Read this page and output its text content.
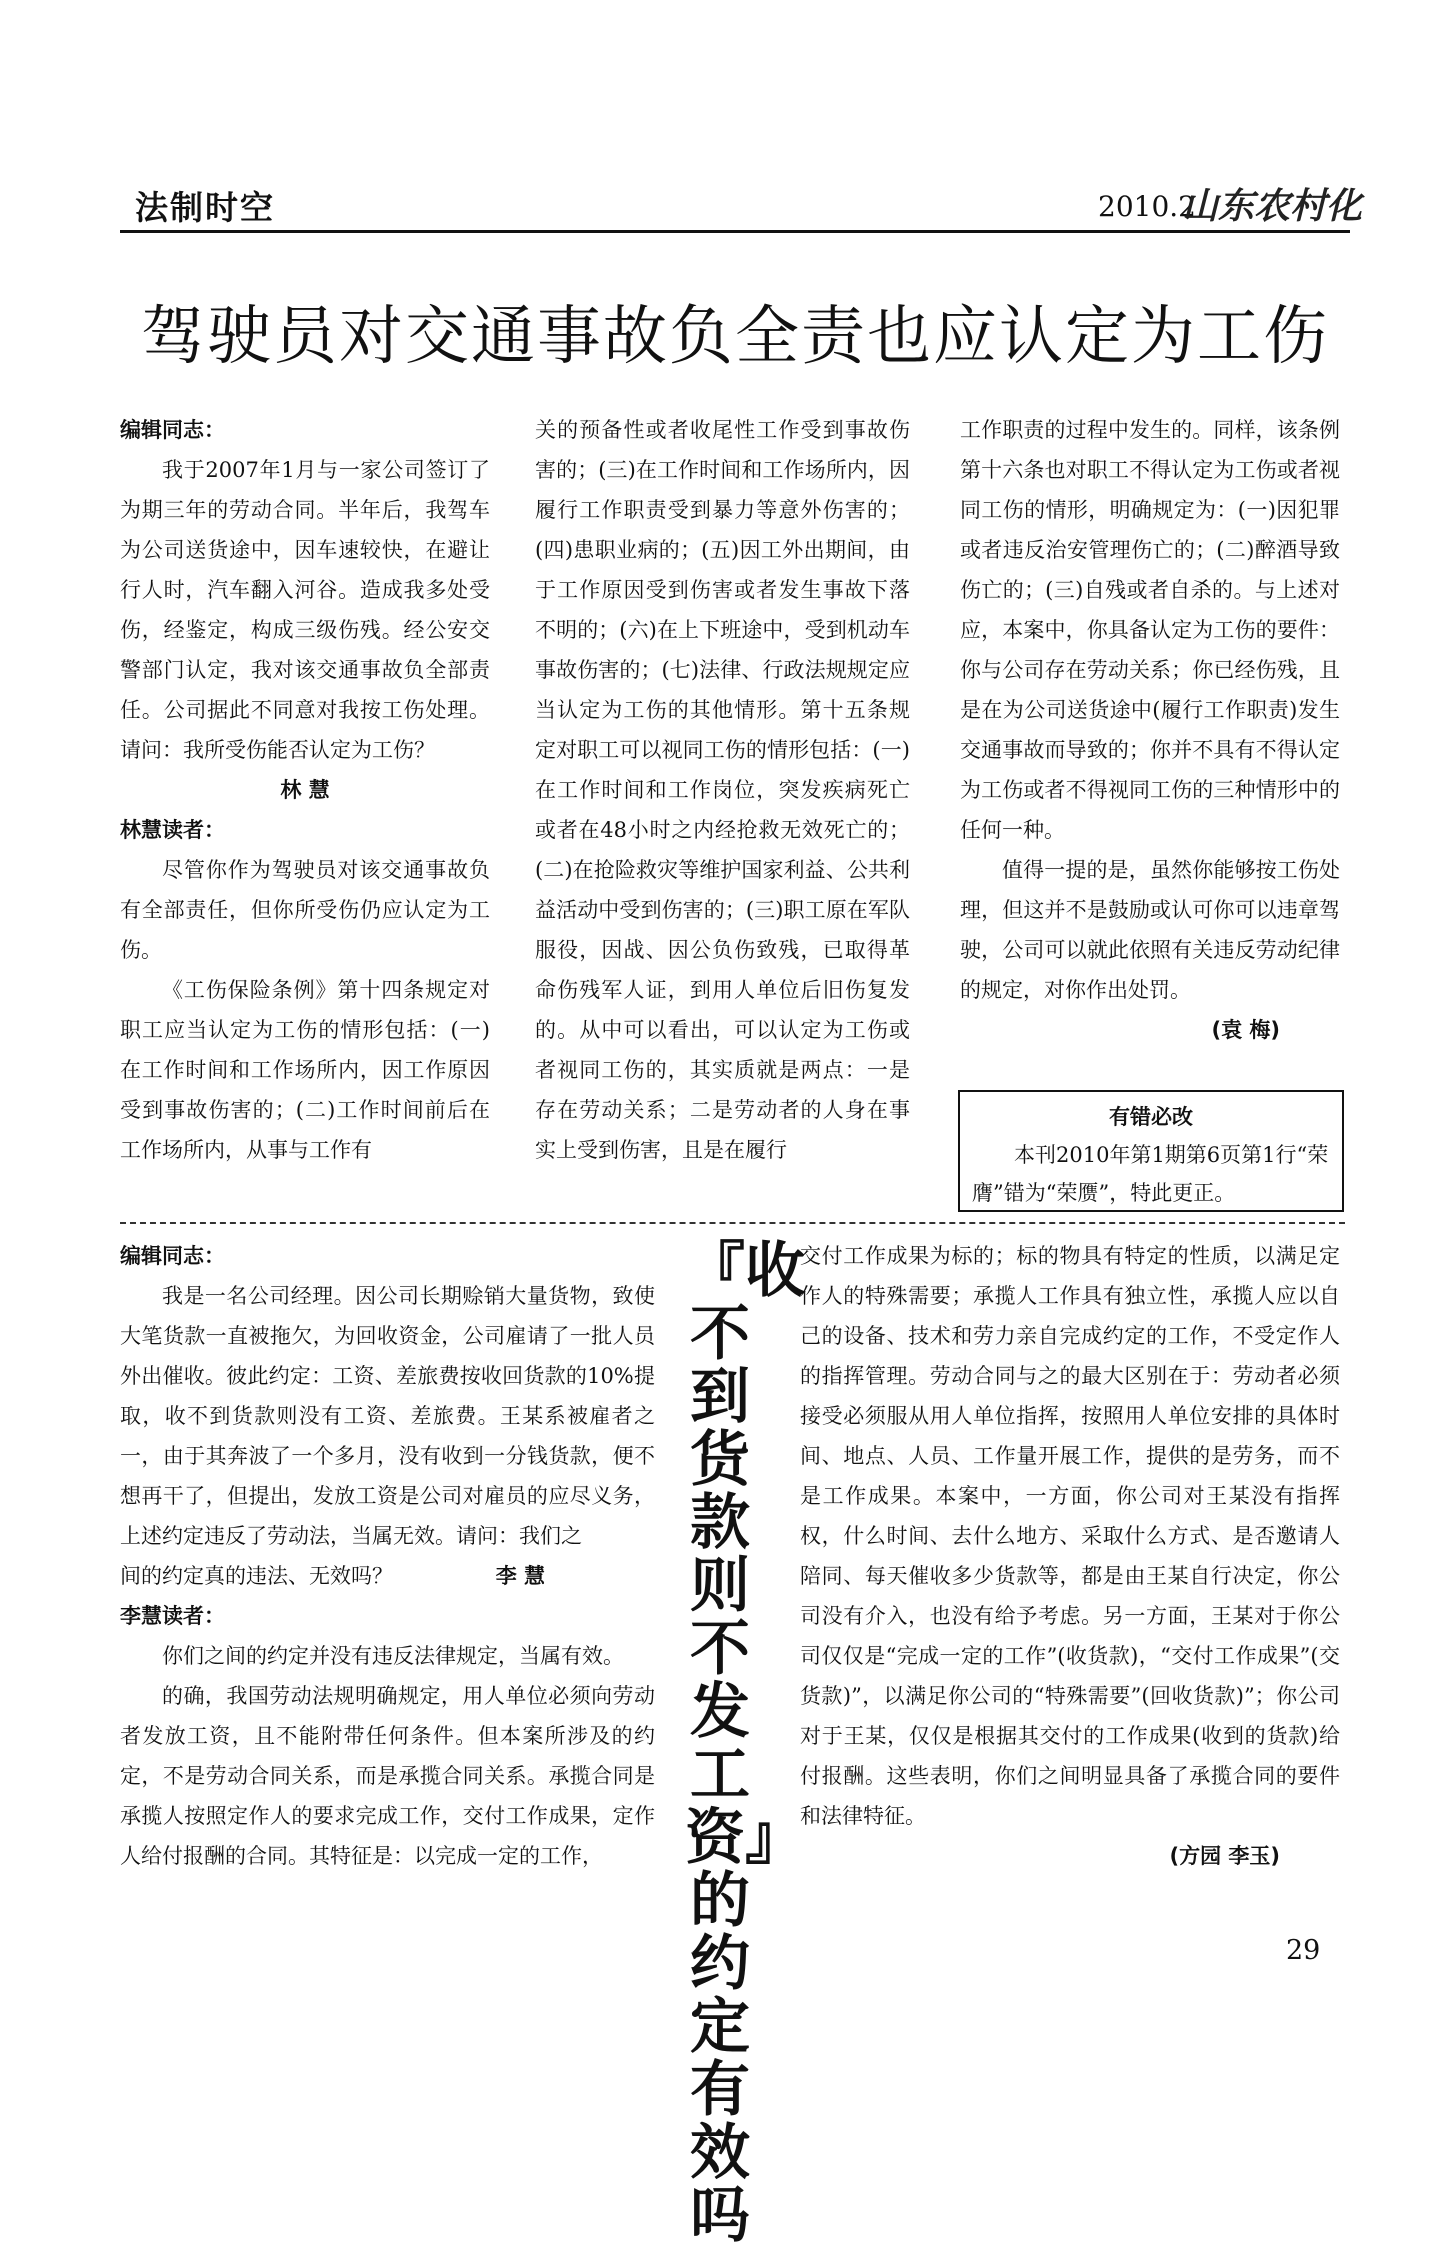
法制时空	2010.2
山东农村化
驾驶员对交通事故负全责也应认定为工伤

编辑同志：

我于2007年1月与一家公司签订了为期三年的劳动合同。半年后，我驾车为公司送货途中，因车速较快，在避让行人时，汽车翻入河谷。造成我多处受伤，经鉴定，构成三级伤残。经公安交警部门认定，我对该交通事故负全部责任。公司据此不同意对我按工伤处理。请问：我所受伤能否认定为工伤？

林 慧

林慧读者：

尽管你作为驾驶员对该交通事故负有全部责任，但你所受伤仍应认定为工伤。

《工伤保险条例》第十四条规定对职工应当认定为工伤的情形包括：(一)在工作时间和工作场所内，因工作原因受到事故伤害的；(二)工作时间前后在工作场所内，从事与工作有

关的预备性或者收尾性工作受到事故伤害的；(三)在工作时间和工作场所内，因履行工作职责受到暴力等意外伤害的；(四)患职业病的；(五)因工外出期间，由于工作原因受到伤害或者发生事故下落不明的；(六)在上下班途中，受到机动车事故伤害的；(七)法律、行政法规规定应当认定为工伤的其他情形。第十五条规定对职工可以视同工伤的情形包括：(一)在工作时间和工作岗位，突发疾病死亡或者在48小时之内经抢救无效死亡的；(二)在抢险救灾等维护国家利益、公共利益活动中受到伤害的；(三)职工原在军队服役，因战、因公负伤致残，已取得革命伤残军人证，到用人单位后旧伤复发的。从中可以看出，可以认定为工伤或者视同工伤的，其实质就是两点：一是存在劳动关系；二是劳动者的人身在事实上受到伤害，且是在履行

工作职责的过程中发生的。同样，该条例第十六条也对职工不得认定为工伤或者视同工伤的情形，明确规定为：(一)因犯罪或者违反治安管理伤亡的；(二)醉酒导致伤亡的；(三)自残或者自杀的。与上述对应，本案中，你具备认定为工伤的要件：你与公司存在劳动关系；你已经伤残，且是在为公司送货途中(履行工作职责)发生交通事故而导致的；你并不具有不得认定为工伤或者不得视同工伤的三种情形中的任何一种。

值得一提的是，虽然你能够按工伤处理，但这并不是鼓励或认可你可以违章驾驶，公司可以就此依照有关违反劳动纪律的规定，对你作出处罚。

(袁 梅)

有错必改
本刊2010年第1期第6页第1行“荣膺”错为“荣赝”，特此更正。

编辑同志：

我是一名公司经理。因公司长期赊销大量货物，致使大笔货款一直被拖欠，为回收资金，公司雇请了一批人员外出催收。彼此约定：工资、差旅费按收回货款的10%提取，收不到货款则没有工资、差旅费。王某系被雇者之一，由于其奔波了一个多月，没有收到一分钱货款，便不想再干了，但提出，发放工资是公司对雇员的应尽义务，上述约定违反了劳动法，当属无效。请问：我们之

间的约定真的违法、无效吗？	李 慧

李慧读者：

你们之间的约定并没有违反法律规定，当属有效。

的确，我国劳动法规明确规定，用人单位必须向劳动者发放工资，且不能附带任何条件。但本案所涉及的约定，不是劳动合同关系，而是承揽合同关系。承揽合同是承揽人按照定作人的要求完成工作，交付工作成果，定作人给付报酬的合同。其特征是：以完成一定的工作，

『收不到货款则不发工资』的约定有效吗

交付工作成果为标的；标的物具有特定的性质，以满足定作人的特殊需要；承揽人工作具有独立性，承揽人应以自己的设备、技术和劳力亲自完成约定的工作，不受定作人的指挥管理。劳动合同与之的最大区别在于：劳动者必须接受必须服从用人单位指挥，按照用人单位安排的具体时间、地点、人员、工作量开展工作，提供的是劳务，而不是工作成果。本案中，一方面，你公司对王某没有指挥权，什么时间、去什么地方、采取什么方式、是否邀请人陪同、每天催收多少货款等，都是由王某自行决定，你公司没有介入，也没有给予考虑。另一方面，王某对于你公司仅仅是“完成一定的工作”(收货款)，“交付工作成果”(交货款)”，以满足你公司的“特殊需要”(回收货款)”；你公司对于王某，仅仅是根据其交付的工作成果(收到的货款)给付报酬。这些表明，你们之间明显具备了承揽合同的要件和法律特征。

(方园 李玉)

29
